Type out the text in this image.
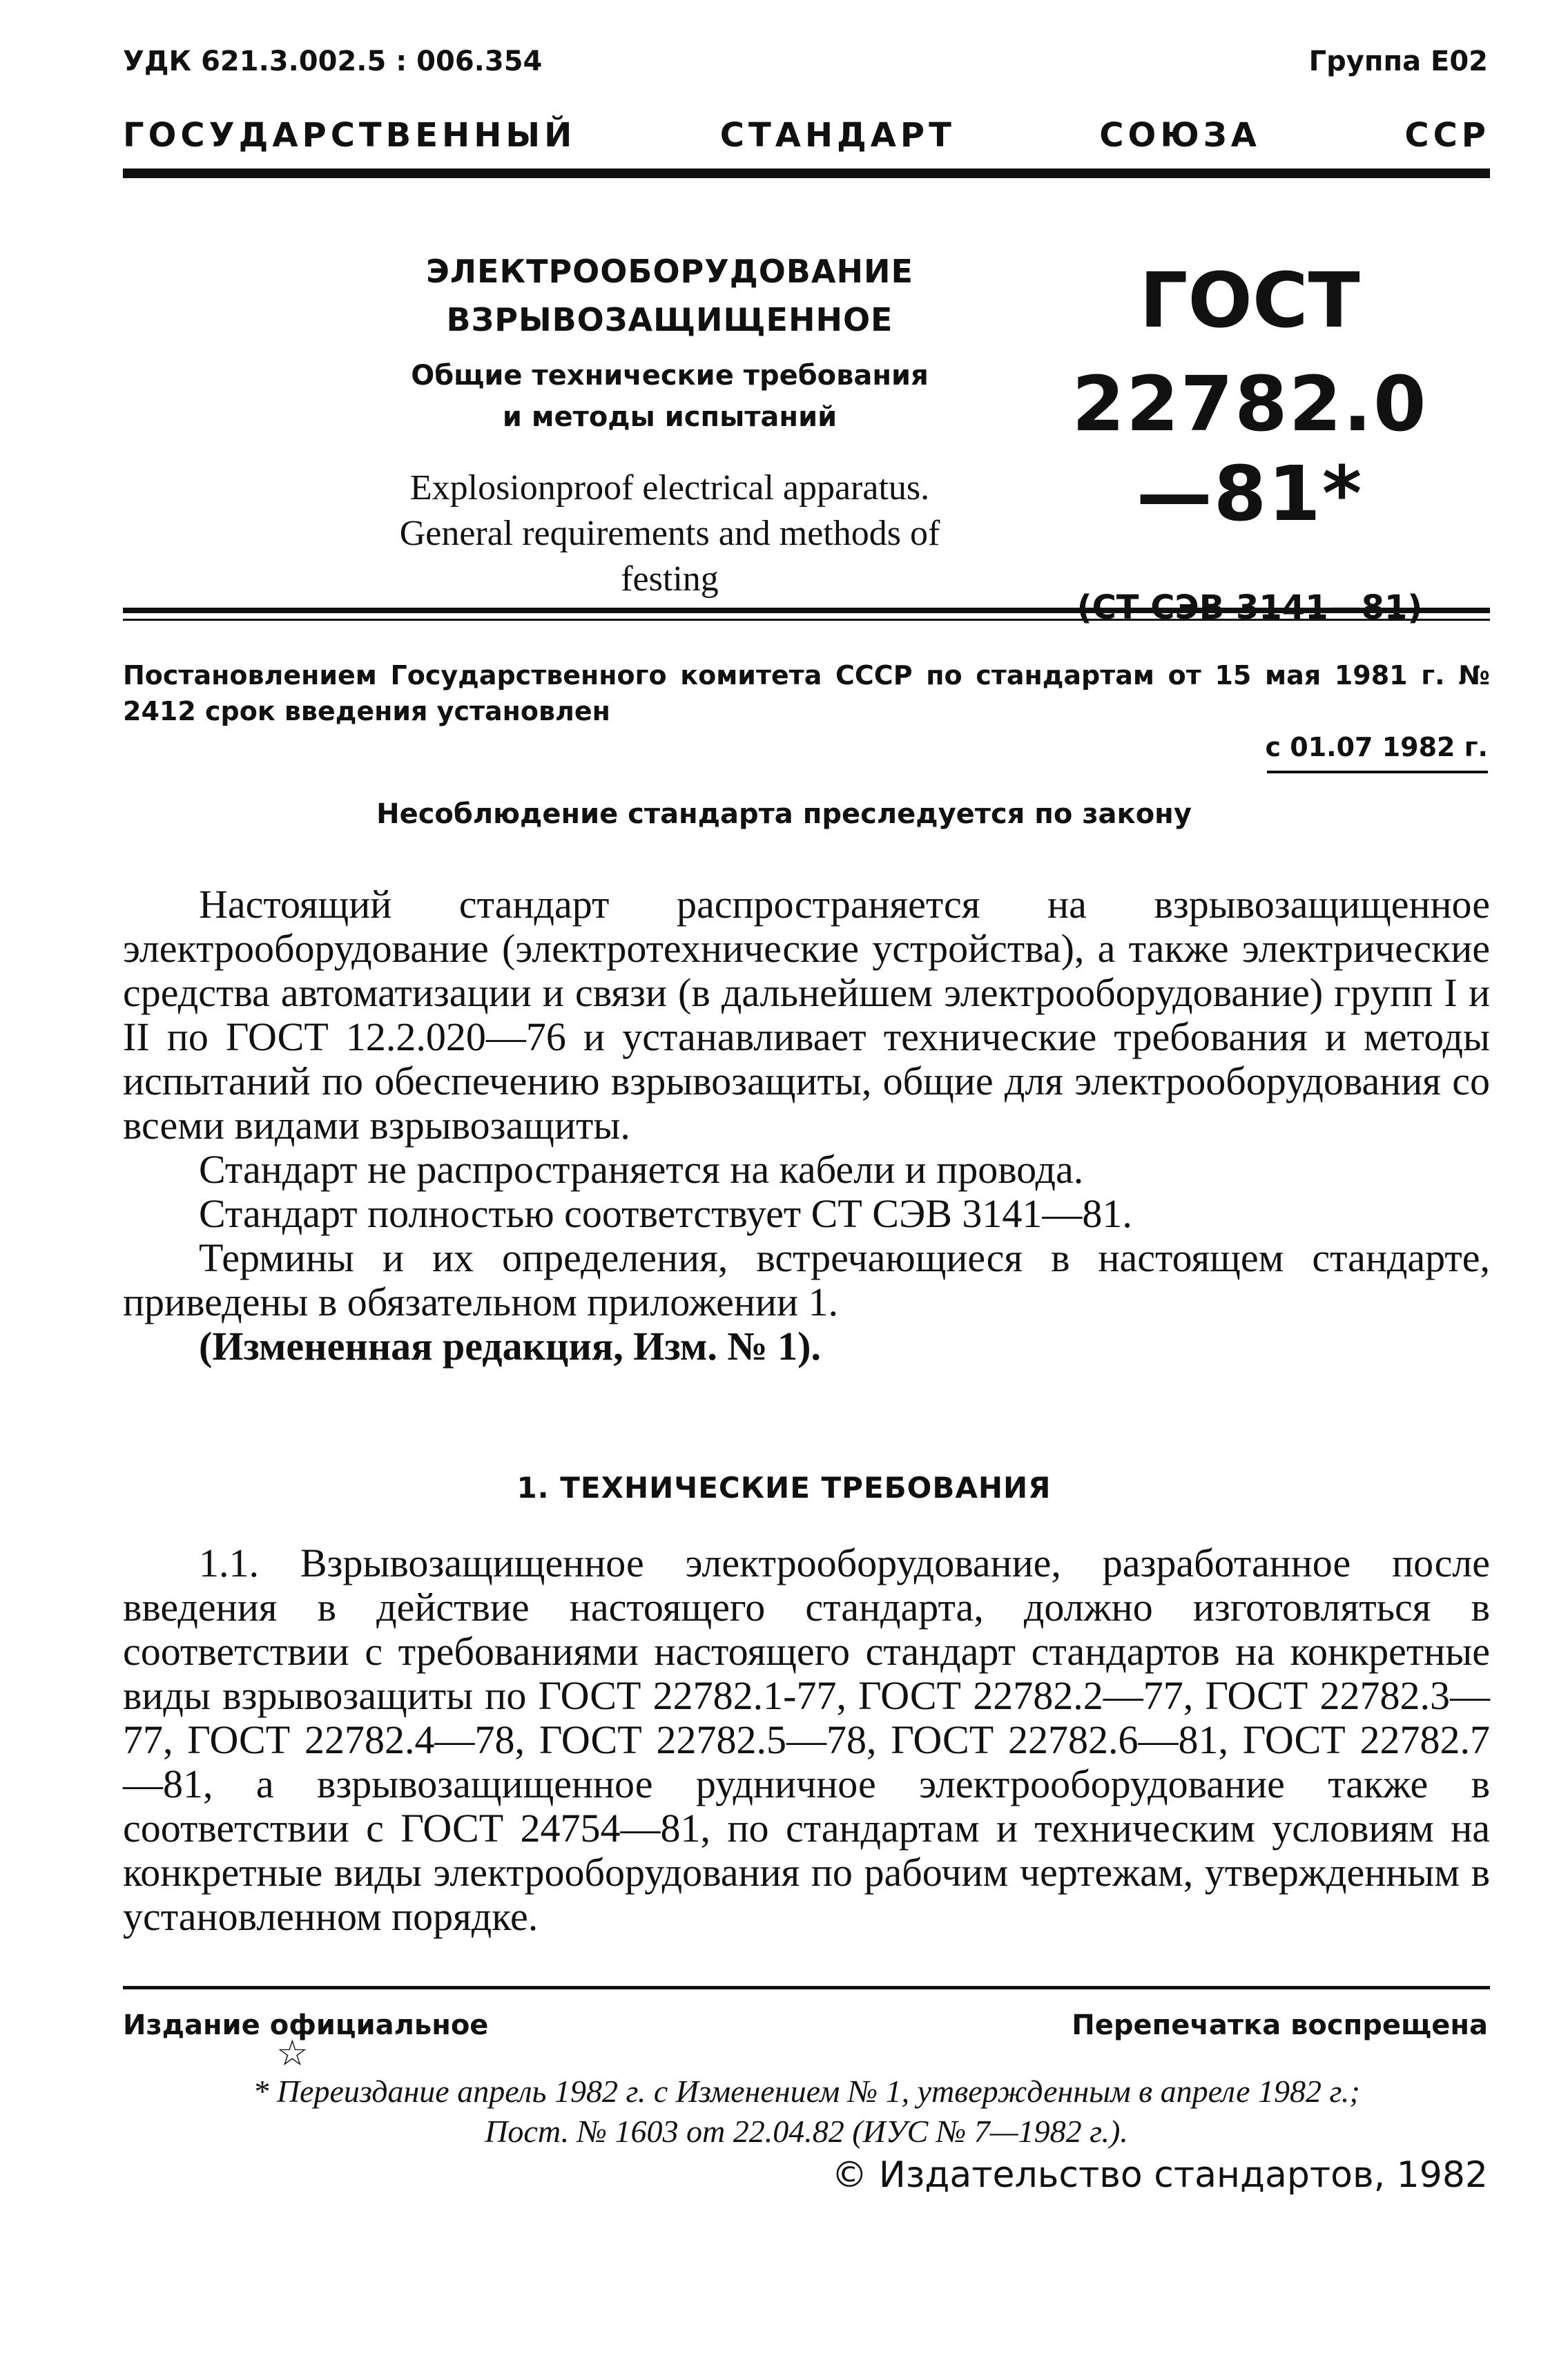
УДК 621.3.002.5 : 006.354	Группа Е02
ГОСУДАРСТВЕННЫЙ	СТАНДАРТ	СОЮЗА	ССР
ЭЛЕКТРООБОРУДОВАНИЕ
ВЗРЫВОЗАЩИЩЕННОЕ
Общие технические требования
и методы испытаний
Explosionproof electrical apparatus.
General requirements and methods of festing
ГОСТ
22782.0—81*
Постановлением Государственного комитета СССР по стандартам от 15 мая 1981 г. № 2412 срок введения установлен
с 01.07 1982 г.
Несоблюдение стандарта преследуется по закону

Настоящий стандарт распространяется на взрывозащищенное электрооборудование (электротехнические устройства), а также электрические средства автоматизации и связи (в дальнейшем электрооборудование) групп I и II по ГОСТ 12.2.020—76 и устанавливает технические требования и методы испытаний по обеспечению взрывозащиты, общие для электрооборудования со всеми видами взрывозащиты.

Стандарт не распространяется на кабели и провода.

Стандарт полностью соответствует СТ СЭВ 3141—81.

Термины и их определения, встречающиеся в настоящем стандарте, приведены в обязательном приложении 1.

(Измененная редакция, Изм. № 1).

1. ТЕХНИЧЕСКИЕ ТРЕБОВАНИЯ
1.1. Взрывозащищенное электрооборудование, разработанное после введения в действие настоящего стандарта, должно изготовляться в соответствии с требованиями настоящего стандарт стандартов на конкретные виды взрывозащиты по ГОСТ 22782.1-77, ГОСТ 22782.2—77, ГОСТ 22782.3—77, ГОСТ 22782.4—78, ГОСТ 22782.5—78, ГОСТ 22782.6—81, ГОСТ 22782.7—81, а взрывозащищенное рудничное электрооборудование также в соответствии с ГОСТ 24754—81, по стандартам и техническим условиям на конкретные виды электрооборудования по рабочим чертежам, утвержденным в установленном порядке.
Издание официальное	Перепечатка воспрещена
☆
* Переиздание апрель 1982 г. с Изменением № 1, утвержденным в апреле 1982 г.;
Пост. № 1603 от 22.04.82 (ИУС № 7—1982 г.).
© Издательство стандартов, 1982
